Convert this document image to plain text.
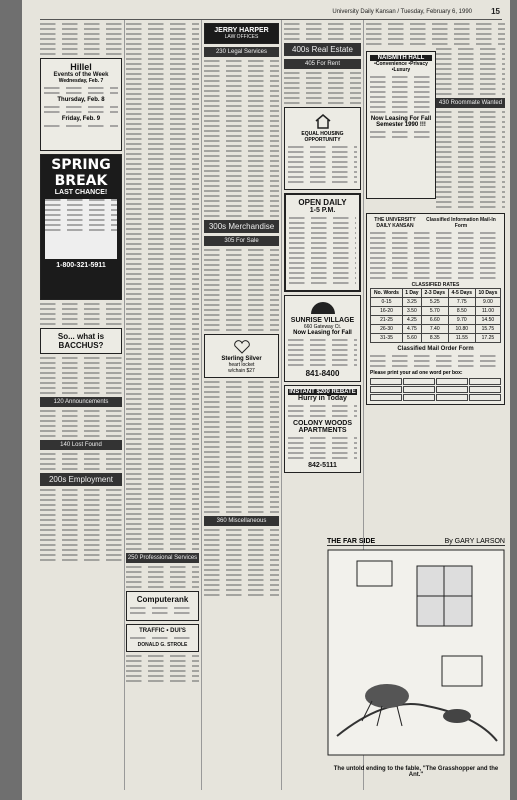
University Daily Kansan / Tuesday, February 6, 1990 15
Hillel
Events of the Week
Wednesday, Feb. 7
Thursday, Feb. 8
Friday, Feb. 9
SPRING
BREAK
LAST CHANCE!
1-800-321-5911
So... what is BACCHUS?
120 Announcements
140 Lost Found
200s Employment
250 Professional Services
Computerank
TRAFFIC • DUI'S
DONALD G. STROLE
JERRY HARPER
LAW OFFICES
230 Legal Services
300s Merchandise
305 For Sale
Sterling Silver
heart locket
w/chain $27
360 Miscellaneous
400s Real Estate
405 For Rent
EQUAL HOUSING OPPORTUNITY
OPEN DAILY
1-5 P.M.
SUNRISE VILLAGE
660 Gateway Ct.
Now Leasing for Fall
841-8400
INSTANT $200 REBATE
Hurry in Today
COLONY WOODS APARTMENTS
842-5111
NAISMITH HALL
•Convenience •Privacy •Luxury
Now Leasing For Fall Semester 1990 !!!
430 Roommate Wanted
THE UNIVERSITY DAILY KANSAN
Classified Information Mail-In Form
CLASSIFIED RATES
No. Words	1 Day	2-3 Days	4-5 Days	10 Days
0-15	3.25	5.25	7.75	9.00
16-20	3.50	5.70	8.50	11.00
21-25	4.25	6.60	9.70	14.50
26-30	4.75	7.40	10.80	15.75
31-35	5.60	8.35	11.55	17.25
Classified Mail Order Form
Please print your ad one word per box:
THE FAR SIDE	By GARY LARSON
The untold ending to the fable, "The Grasshopper and the Ant."
